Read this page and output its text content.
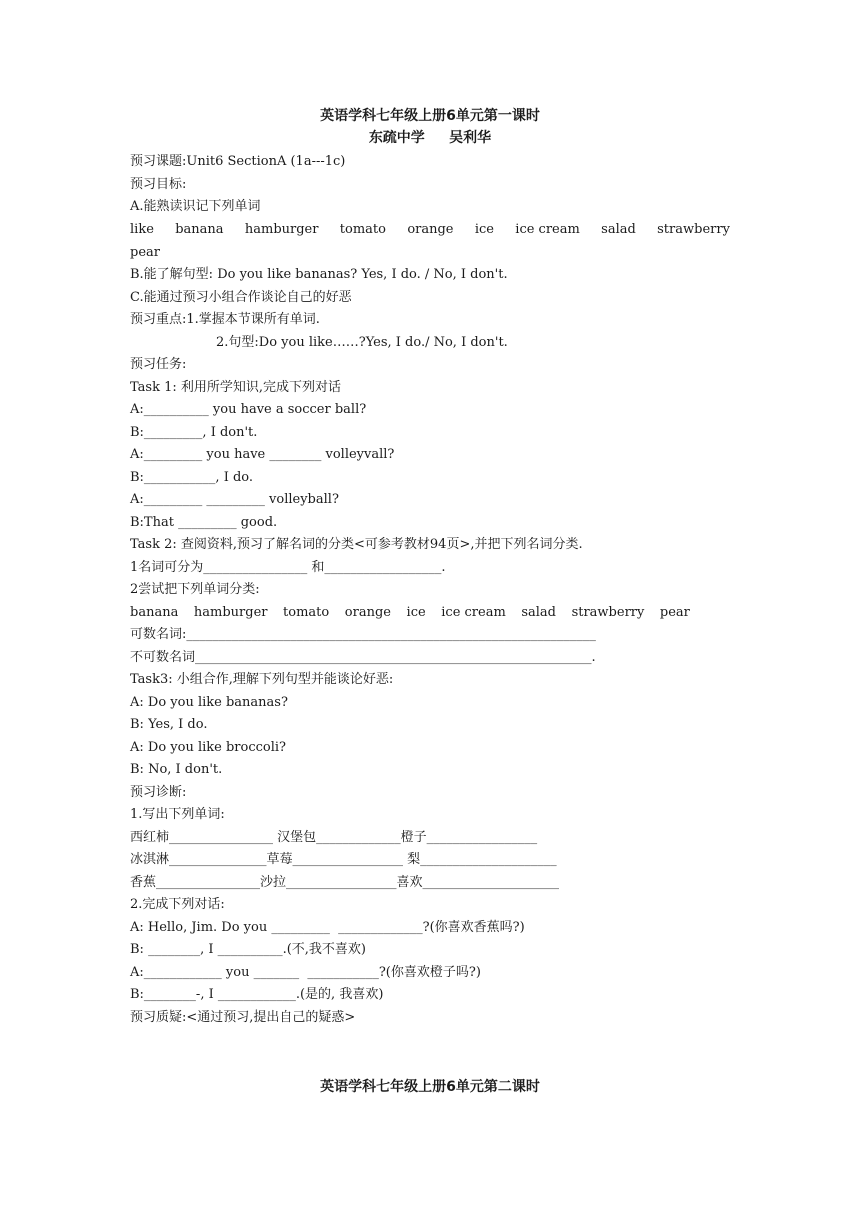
英语学科七年级上册6单元第一课时
东疏中学     吴利华
预习课题:Unit6 SectionA (1a---1c)
预习目标:
A.能熟读识记下列单词
like banana hamburger tomato orange ice ice cream salad strawberry
pear
B.能了解句型: Do you like bananas? Yes, I do. / No, I don't.
C.能通过预习小组合作谈论自己的好恶
预习重点:1.掌握本节课所有单词.
2.句型:Do you like……?Yes, I do./ No, I don't.
预习任务:
Task 1: 利用所学知识,完成下列对话
A:__________ you have a soccer ball?
B:_________, I don't.
A:_________ you have ________ volleyvall?
B:___________, I do.
A:_________ _________ volleyball?
B:That _________ good.
Task 2: 查阅资料,预习了解名词的分类<可参考教材94页>,并把下列名词分类.
1名词可分为________________ 和__________________.
2尝试把下列单词分类:
banana hamburger tomato orange ice ice cream salad strawberry pear
可数名词:_______________________________________________________________
不可数名词_____________________________________________________________.
Task3: 小组合作,理解下列句型并能谈论好恶:
A: Do you like bananas?
B: Yes, I do.
A: Do you like broccoli?
B: No, I don't.
预习诊断:
1.写出下列单词:
西红柿________________ 汉堡包_____________橙子_________________
冰淇淋_______________草莓_________________ 梨_____________________
香蕉________________沙拉_________________喜欢_____________________
2.完成下列对话:
A: Hello, Jim. Do you _________  _____________?(你喜欢香蕉吗?)
B: ________, I __________.(不,我不喜欢)
A:____________ you _______  ___________?(你喜欢橙子吗?)
B:________-, I ____________.(是的, 我喜欢)
预习质疑:<通过预习,提出自己的疑惑>
英语学科七年级上册6单元第二课时
